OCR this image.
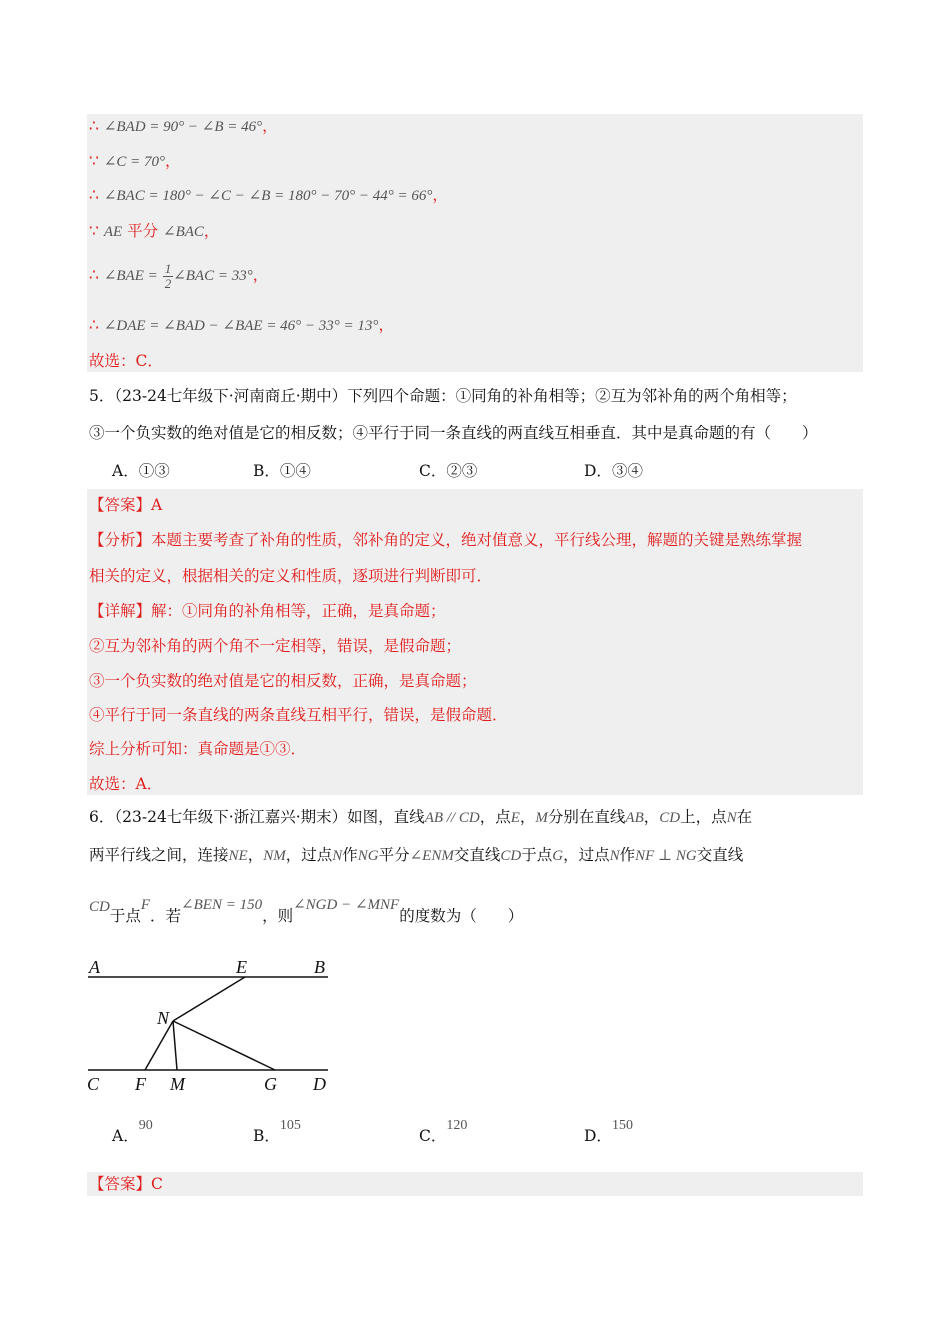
∴ ∠BAD = 90° − ∠B = 46°，
∵ ∠C = 70°，
∴ ∠BAC = 180° − ∠C − ∠B = 180° − 70° − 44° = 66°，
∵ AE 平分 ∠BAC，
∴ ∠BAE = $\frac{1}{2}$ ∠BAC = 33°，
∴ ∠DAE = ∠BAD − ∠BAE = 46° − 33° = 13°，
故选：C．
5．（23-24七年级下·河南商丘·期中）下列四个命题：①同角的补角相等；②互为邻补角的两个角相等；
③一个负实数的绝对值是它的相反数；④平行于同一条直线的两直线互相垂直．其中是真命题的有（　　）
A．①③	B．①④	C．②③	D．③④
【答案】A
【分析】本题主要考查了补角的性质，邻补角的定义，绝对值意义，平行线公理，解题的关键是熟练掌握
相关的定义，根据相关的定义和性质，逐项进行判断即可．
【详解】解：①同角的补角相等，正确，是真命题；
②互为邻补角的两个角不一定相等，错误，是假命题；
③一个负实数的绝对值是它的相反数，正确，是真命题；
④平行于同一条直线的两条直线互相平行，错误，是假命题．
综上分析可知：真命题是①③．
故选：A．
6．（23-24七年级下·浙江嘉兴·期末）如图，直线AB // CD，点E，M分别在直线AB，CD上，点N在
两平行线之间，连接NE，NM，过点N作NG平分∠ENM交直线CD于点G，过点N作NF ⊥ NG交直线
CD于点F．若∠BEN = 150，则∠NGD − ∠MNF的度数为（　　）
A	E	B
N
C F M	G D
A．90
B．105
C．120
D．150
【答案】C
